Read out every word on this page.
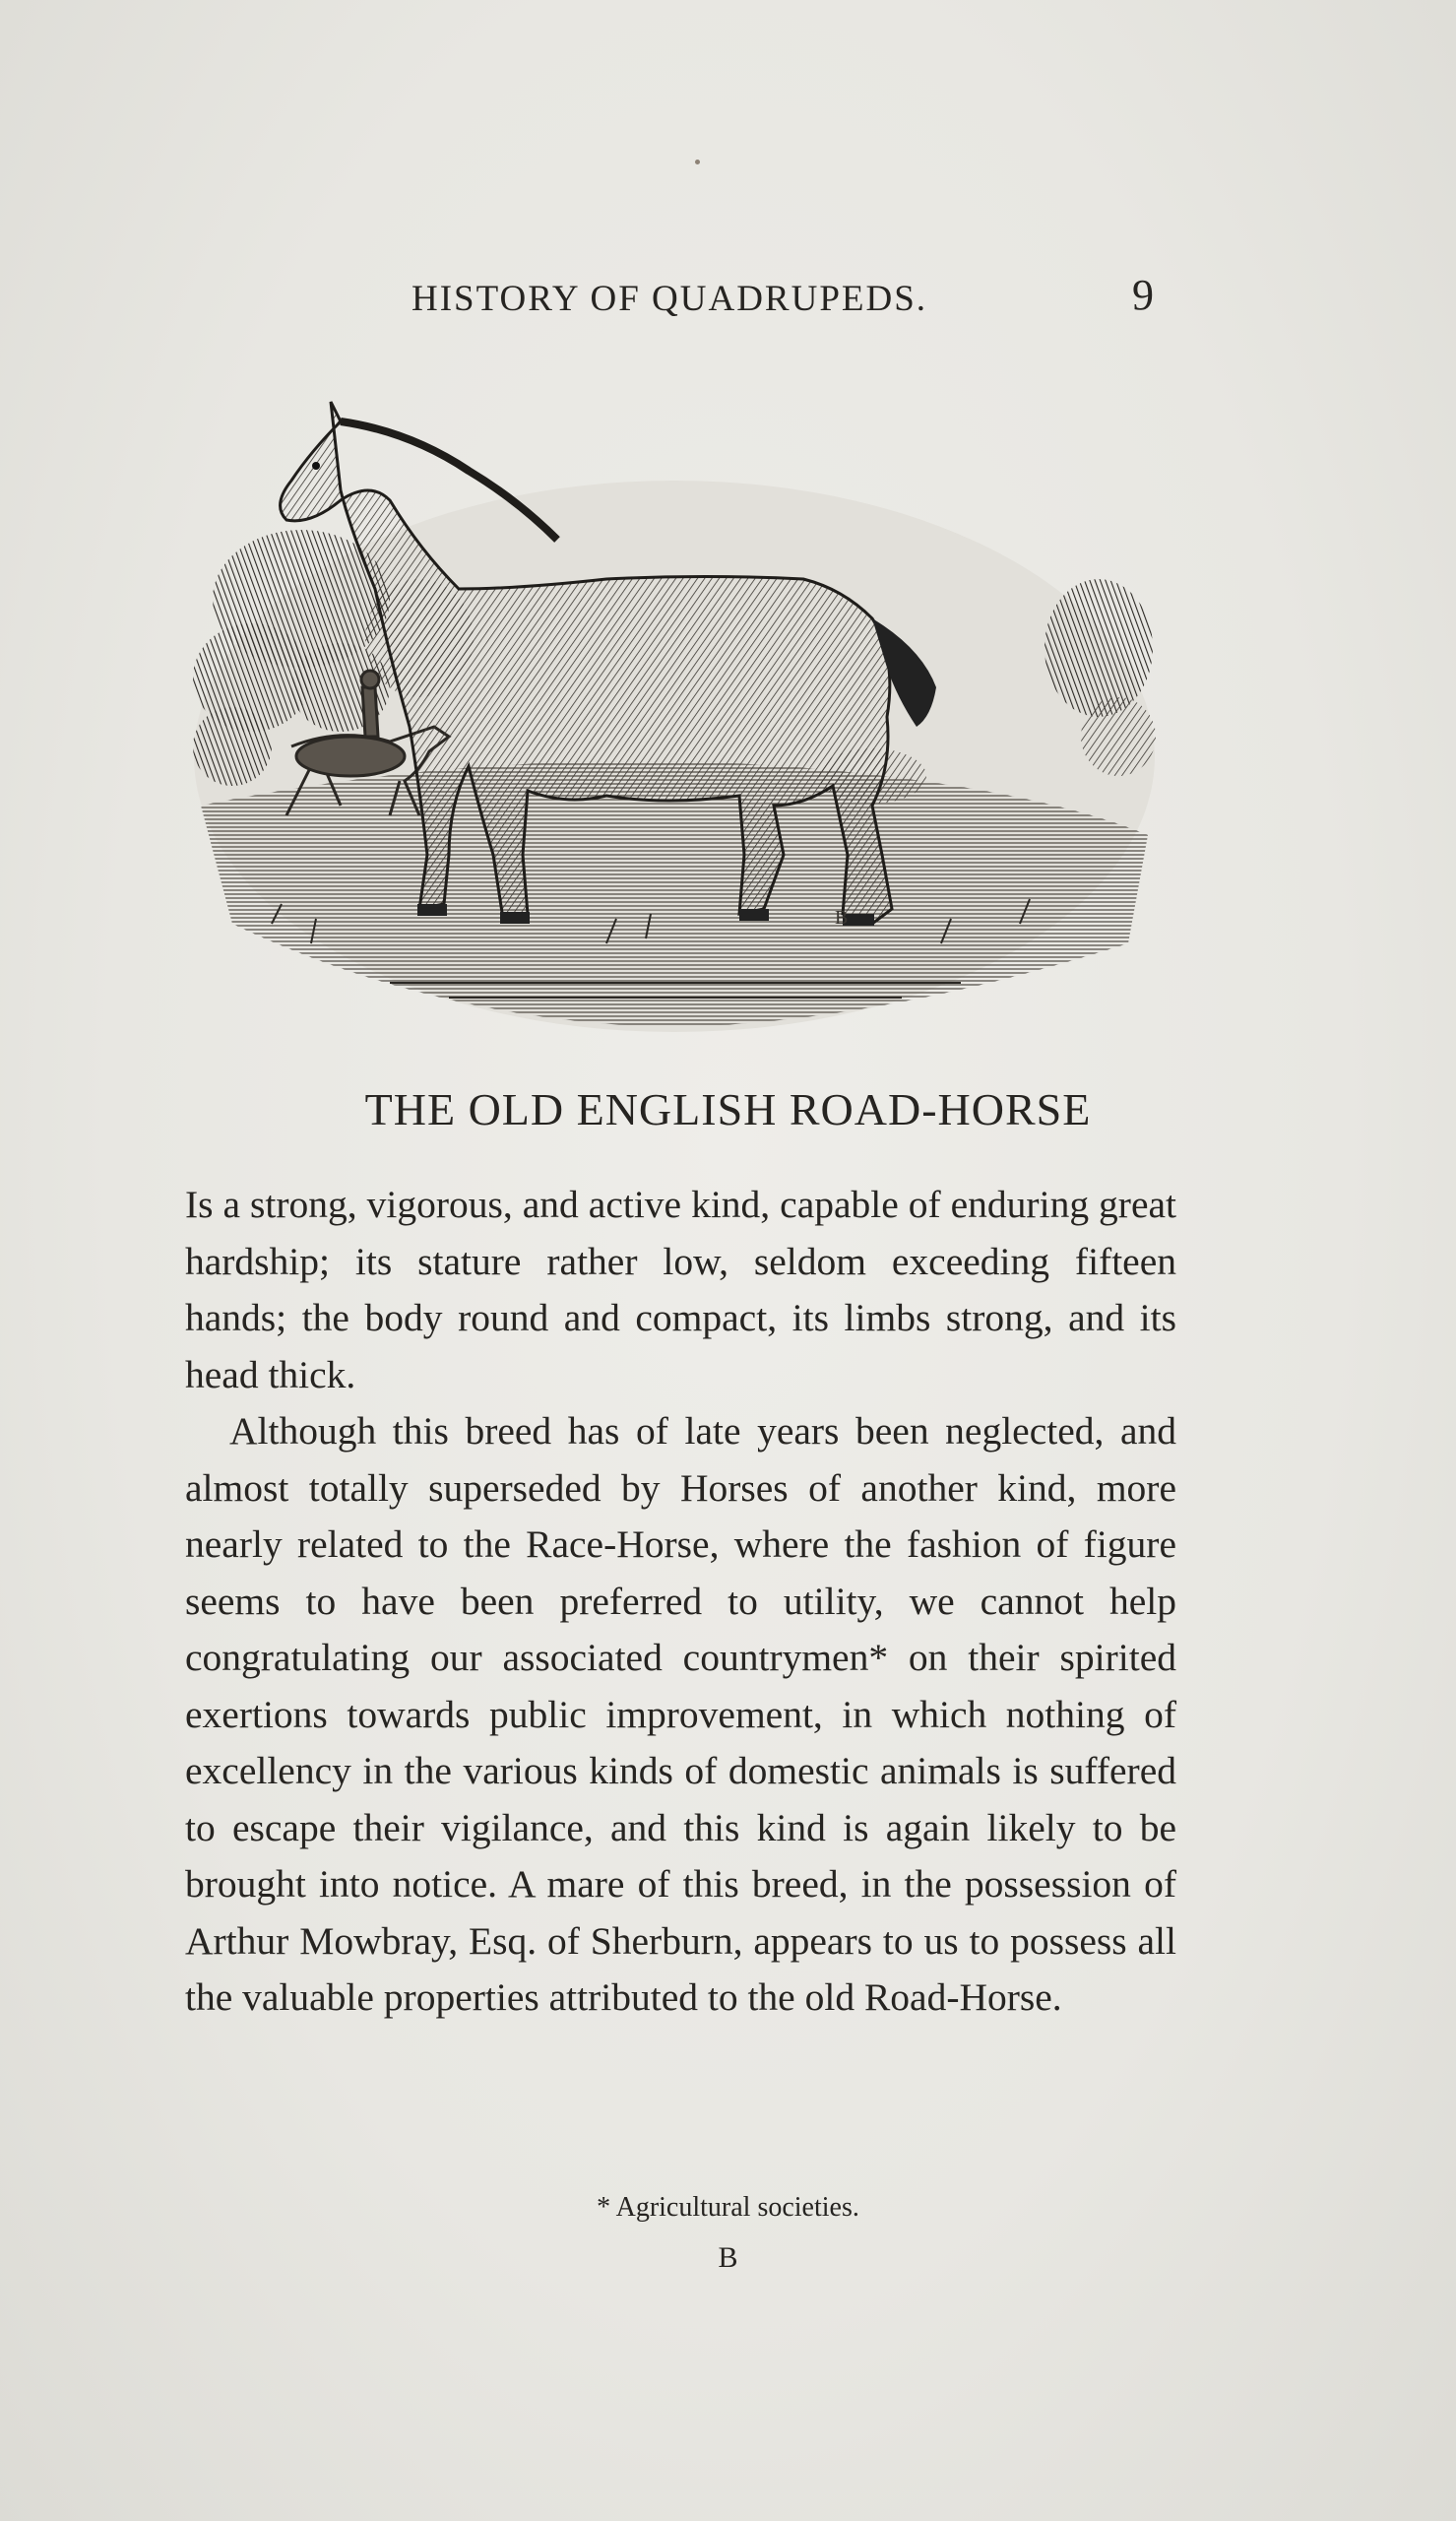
HISTORY OF QUADRUPEDS.	9
B
THE OLD ENGLISH ROAD-HORSE

Is a strong, vigorous, and active kind, capable of enduring great hardship; its stature rather low, seldom exceeding fifteen hands; the body round and compact, its limbs strong, and its head thick.

Although this breed has of late years been neglected, and almost totally superseded by Horses of another kind, more nearly related to the Race-Horse, where the fashion of figure seems to have been preferred to utility, we cannot help congratulating our associated countrymen* on their spirited exertions towards public improvement, in which nothing of excellency in the various kinds of domestic animals is suffered to escape their vigilance, and this kind is again likely to be brought into notice. A mare of this breed, in the possession of Arthur Mowbray, Esq. of Sherburn, appears to us to possess all the valuable properties attributed to the old Road-Horse.

* Agricultural societies.
B
